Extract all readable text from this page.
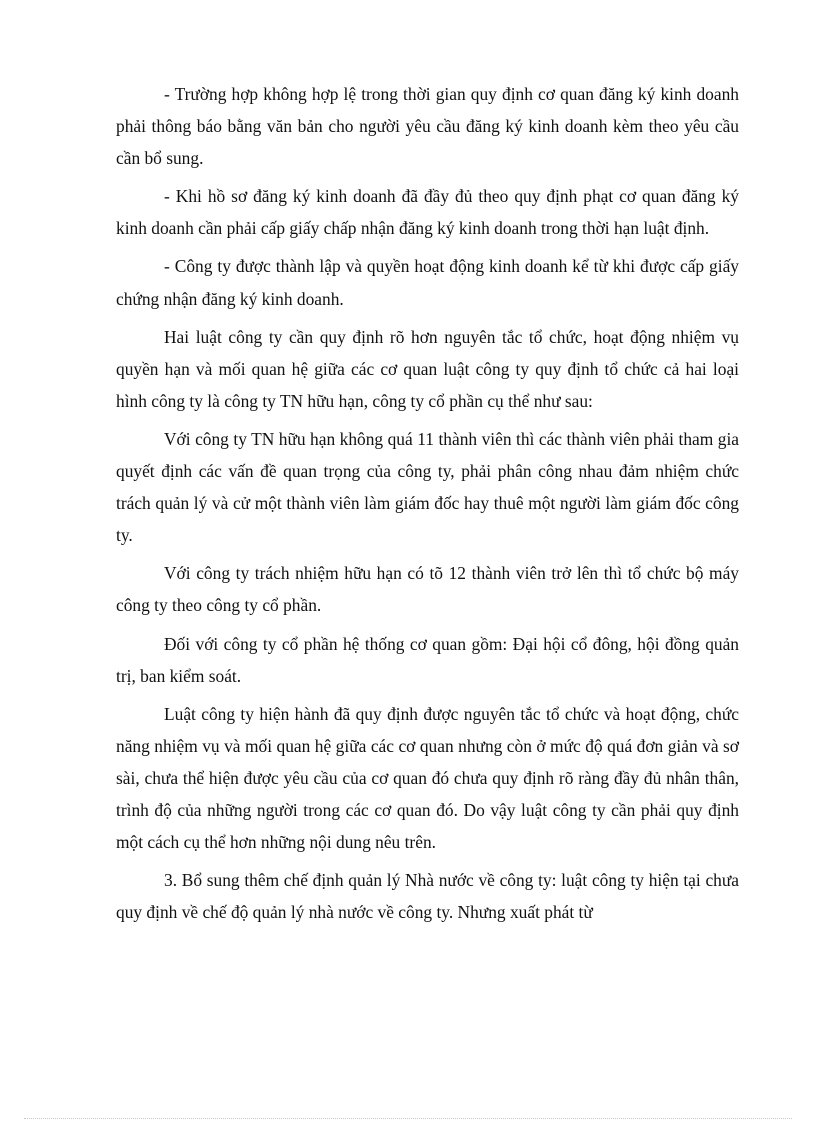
- Trường hợp không hợp lệ trong thời gian quy định cơ quan đăng ký kinh doanh phải thông báo bằng văn bản cho người yêu cầu đăng ký kinh doanh kèm theo yêu cầu cần bổ sung.

- Khi hồ sơ đăng ký kinh doanh đã đầy đủ theo quy định phạt cơ quan đăng ký kinh doanh cần phải cấp giấy chấp nhận đăng ký kinh doanh trong thời hạn luật định.

- Công ty được thành lập và quyền hoạt động kinh doanh kể từ khi được cấp giấy chứng nhận đăng ký kinh doanh.

Hai luật công ty cần quy định rõ hơn nguyên tắc tổ chức, hoạt động nhiệm vụ quyền hạn và mối quan hệ giữa các cơ quan luật công ty quy định tổ chức cả hai loại hình công ty là công ty TN hữu hạn, công ty cổ phần cụ thể như sau:

Với công ty TN hữu hạn không quá 11 thành viên thì các thành viên phải tham gia quyết định các vấn đề quan trọng của công ty, phải phân công nhau đảm nhiệm chức trách quản lý và cử một thành viên làm giám đốc hay thuê một người làm giám đốc công ty.

Với công ty trách nhiệm hữu hạn có tõ 12 thành viên trở lên thì tổ chức bộ máy công ty theo công ty cổ phần.

Đối với công ty cổ phần hệ thống cơ quan gồm: Đại hội cổ đông, hội đồng quản trị, ban kiểm soát.

Luật công ty hiện hành đã quy định được nguyên tắc tổ chức và hoạt động, chức năng nhiệm vụ và mối quan hệ giữa các cơ quan nhưng còn ở mức độ quá đơn giản và sơ sài, chưa thể hiện được yêu cầu của cơ quan đó chưa quy định rõ ràng đầy đủ nhân thân, trình độ của những người trong các cơ quan đó. Do vậy luật công ty cần phải quy định một cách cụ thể hơn những nội dung nêu trên.

3. Bổ sung thêm chế định quản lý Nhà nước về công ty: luật công ty hiện tại chưa quy định về chế độ quản lý nhà nước về công ty. Nhưng xuất phát từ
